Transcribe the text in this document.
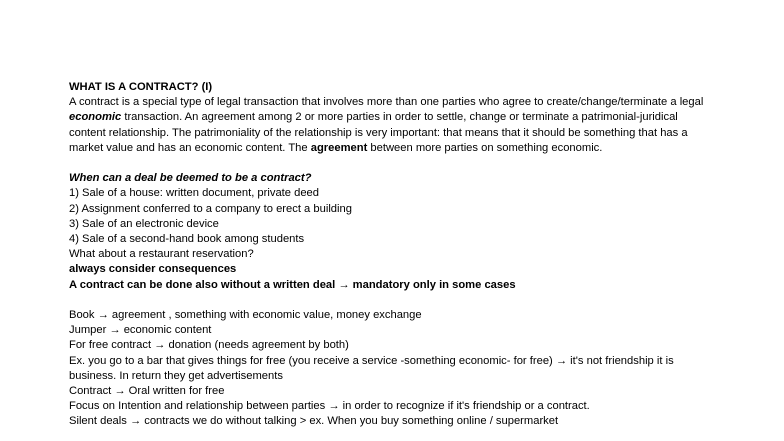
WHAT IS A CONTRACT? (I)
A contract is a special type of legal transaction that involves more than one parties who agree to create/change/terminate a legal economic transaction. An agreement among 2 or more parties in order to settle, change or terminate a patrimonial-juridical content relationship. The patrimoniality of the relationship is very important: that means that it should be something that has a market value and has an economic content. The agreement between more parties on something economic.
When can a deal be deemed to be a contract?
1) Sale of a house: written document, private deed
2) Assignment conferred to a company to erect a building
3) Sale of an electronic device
4) Sale of a second-hand book among students
What about a restaurant reservation?
always consider consequences
A contract can be done also without a written deal → mandatory only in some cases
Book → agreement , something with economic value, money exchange
Jumper → economic content
For free contract → donation (needs agreement by both)
Ex. you go to a bar that gives things for free (you receive a service -something economic- for free) → it's not friendship it is business. In return they get advertisements
Contract → Oral written for free
Focus on Intention and relationship between parties → in order to recognize if it's friendship or a contract.
Silent deals → contracts we do without talking > ex. When you buy something online / supermarket
